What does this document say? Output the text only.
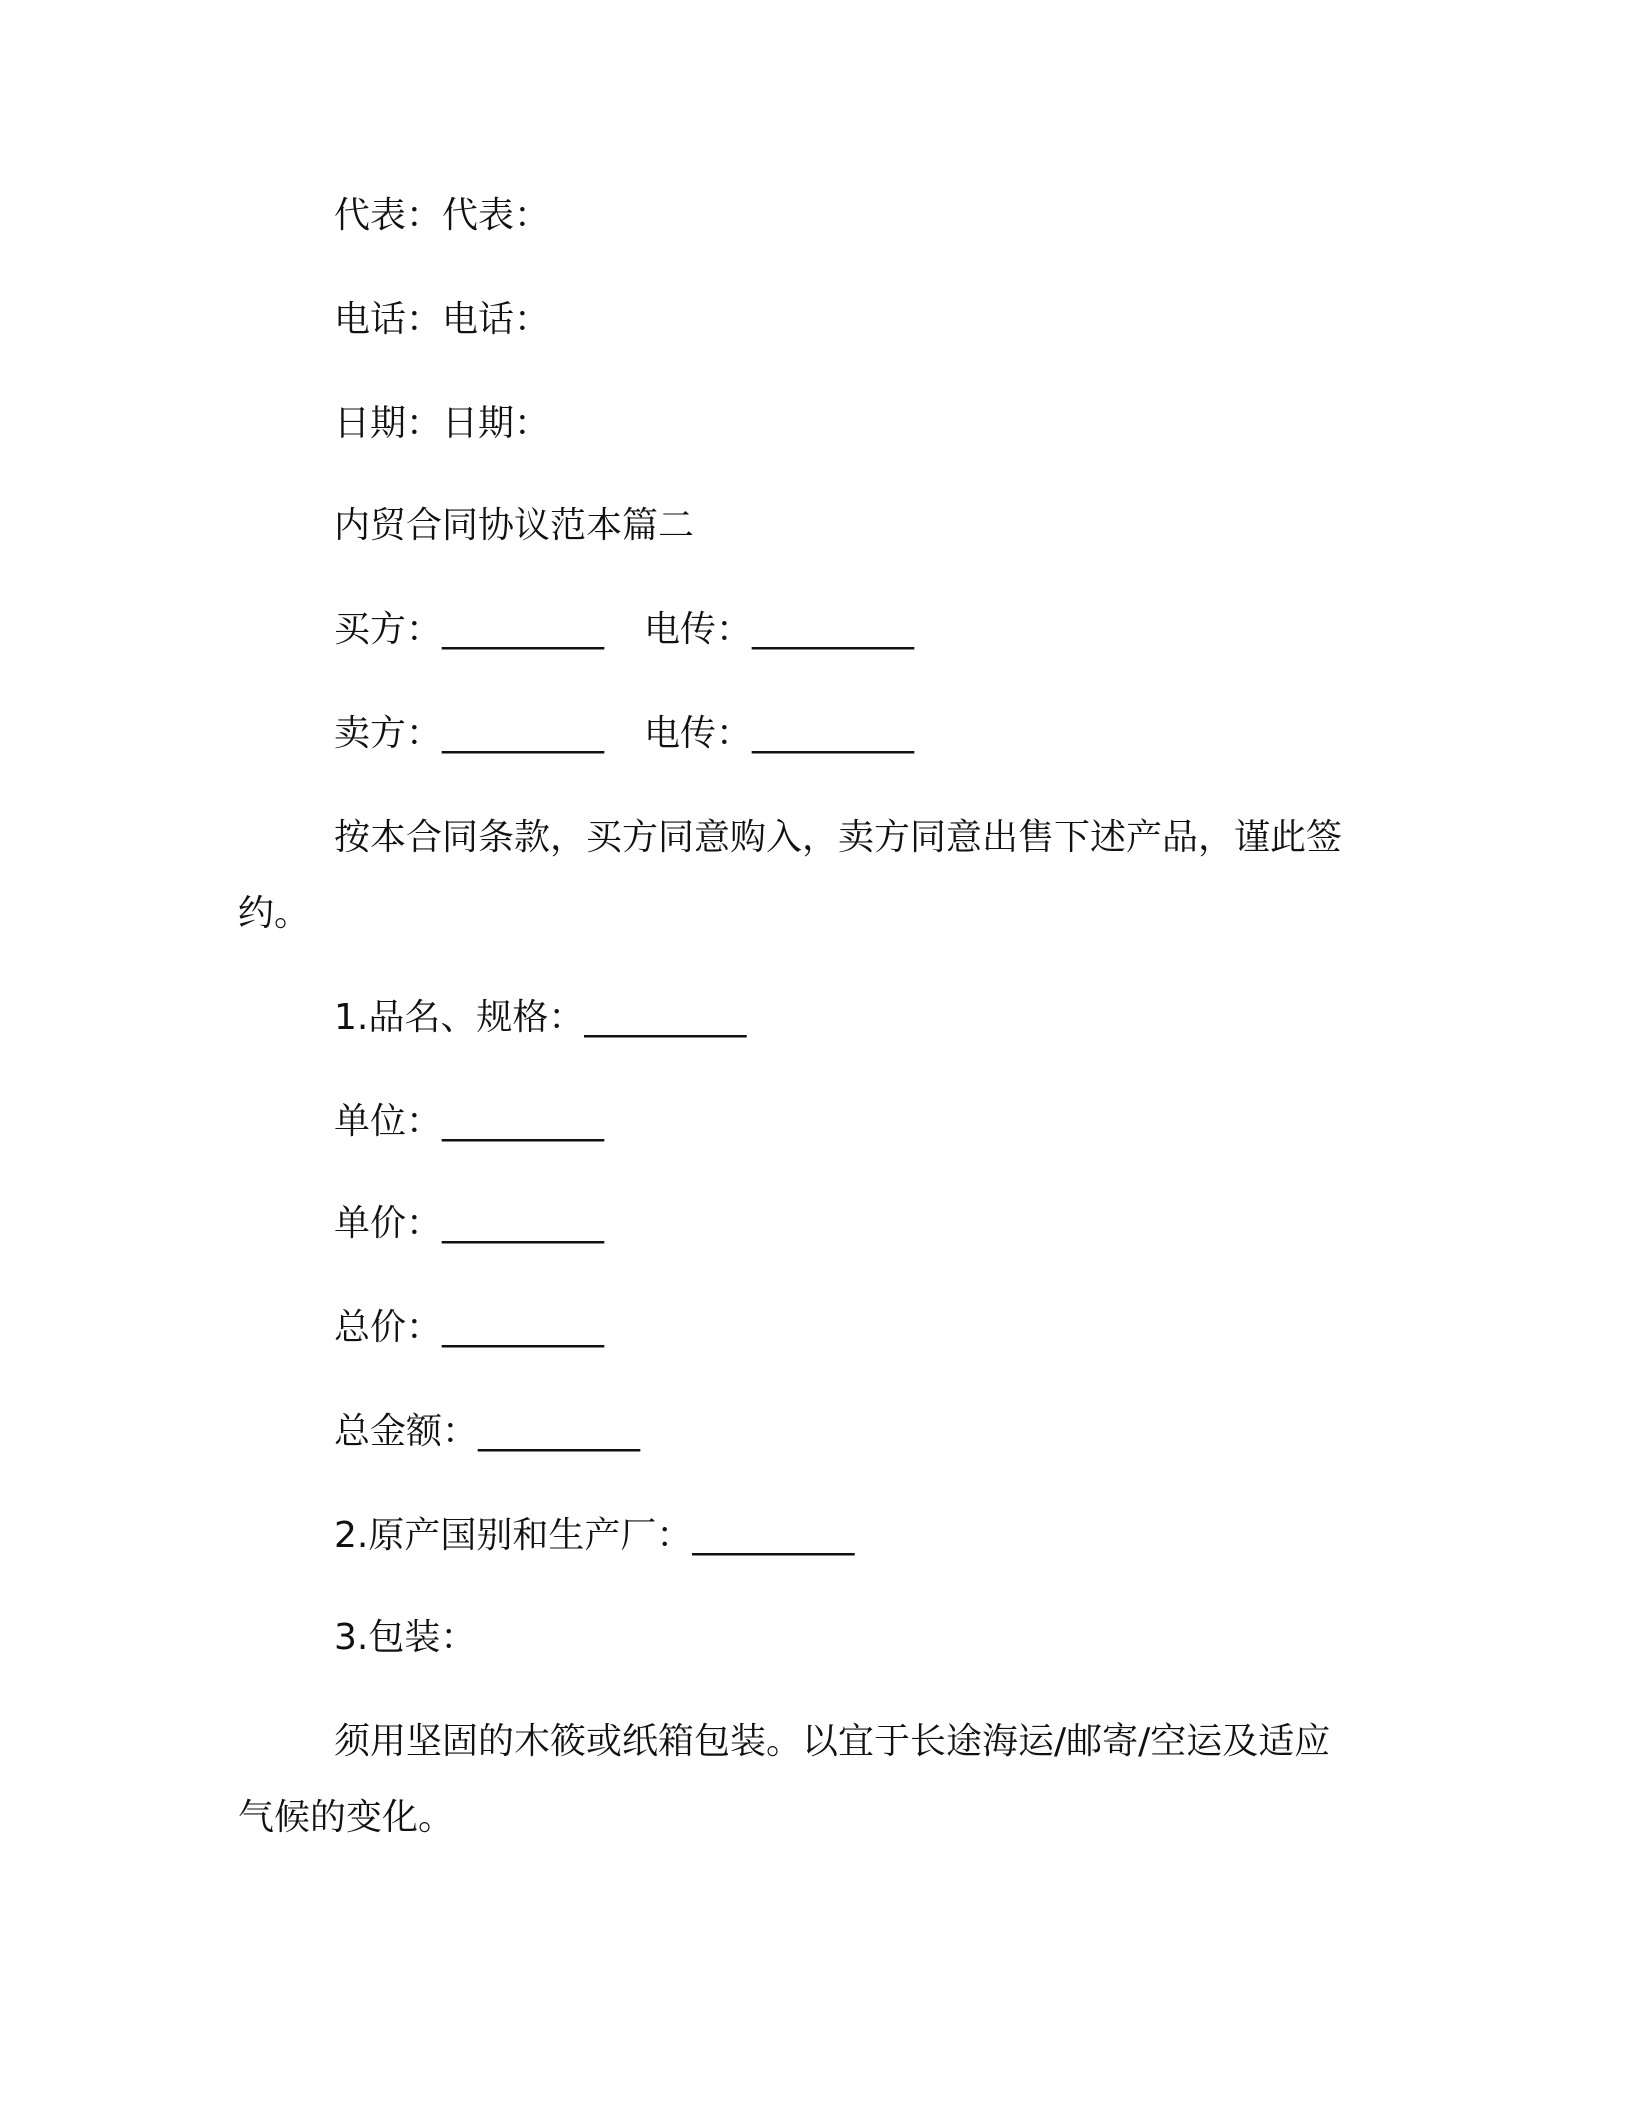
代表：代表：
电话：电话：
日期：日期：
内贸合同协议范本篇二
买方：_________ 电传：_________
卖方：_________ 电传：_________
按本合同条款，买方同意购入，卖方同意出售下述产品，谨此签
约。
1.品名、规格：_________
单位：_________
单价：_________
总价：_________
总金额：_________
2.原产国别和生产厂：_________
3.包装：
须用坚固的木筱或纸箱包装。以宜于长途海运/邮寄/空运及适应
气候的变化。
